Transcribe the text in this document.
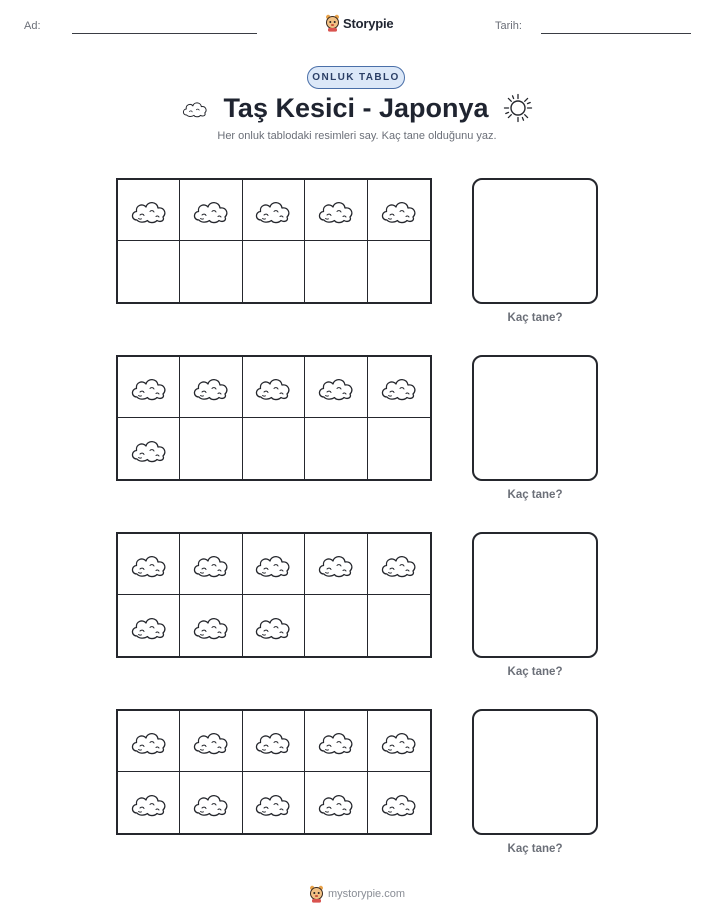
Ad:	Storypie	Tarih:
ONLUK TABLO
Taş Kesici - Japonya
Her onluk tablodaki resimleri say. Kaç tane olduğunu yaz.
Kaç tane?
Kaç tane?
Kaç tane?
Kaç tane?
mystorypie.com
